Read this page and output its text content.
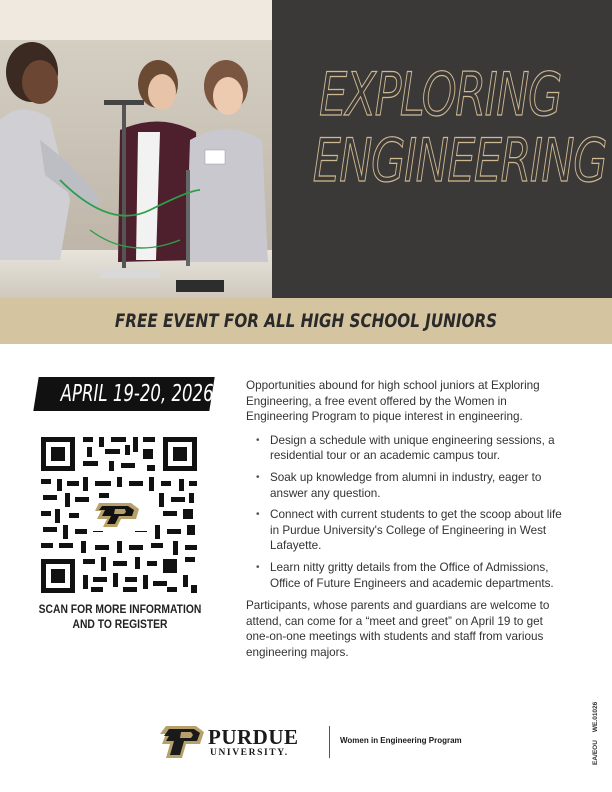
EXPLORING
ENGINEERING
FREE EVENT FOR ALL HIGH SCHOOL JUNIORS
APRIL 19-20, 2026
SCAN FOR MORE INFORMATION
AND TO REGISTER

Opportunities abound for high school juniors at Exploring Engineering, a free event offered by the Women in Engineering Program to pique interest in engineering.

• Design a schedule with unique engineering sessions, a residential tour or an academic campus tour.
• Soak up knowledge from alumni in industry, eager to answer any question.
• Connect with current students to get the scoop about life in Purdue University's College of Engineering in West Lafayette.
• Learn nitty gritty details from the Office of Admissions, Office of Future Engineers and academic departments.

Participants, whose parents and guardians are welcome to attend, can come for a “meet and greet” on April 19 to get one-on-one meetings with students and staff from various engineering majors.

PURDUE
UNIVERSITY.
Women in Engineering Program	EA/EOUWE.01026
